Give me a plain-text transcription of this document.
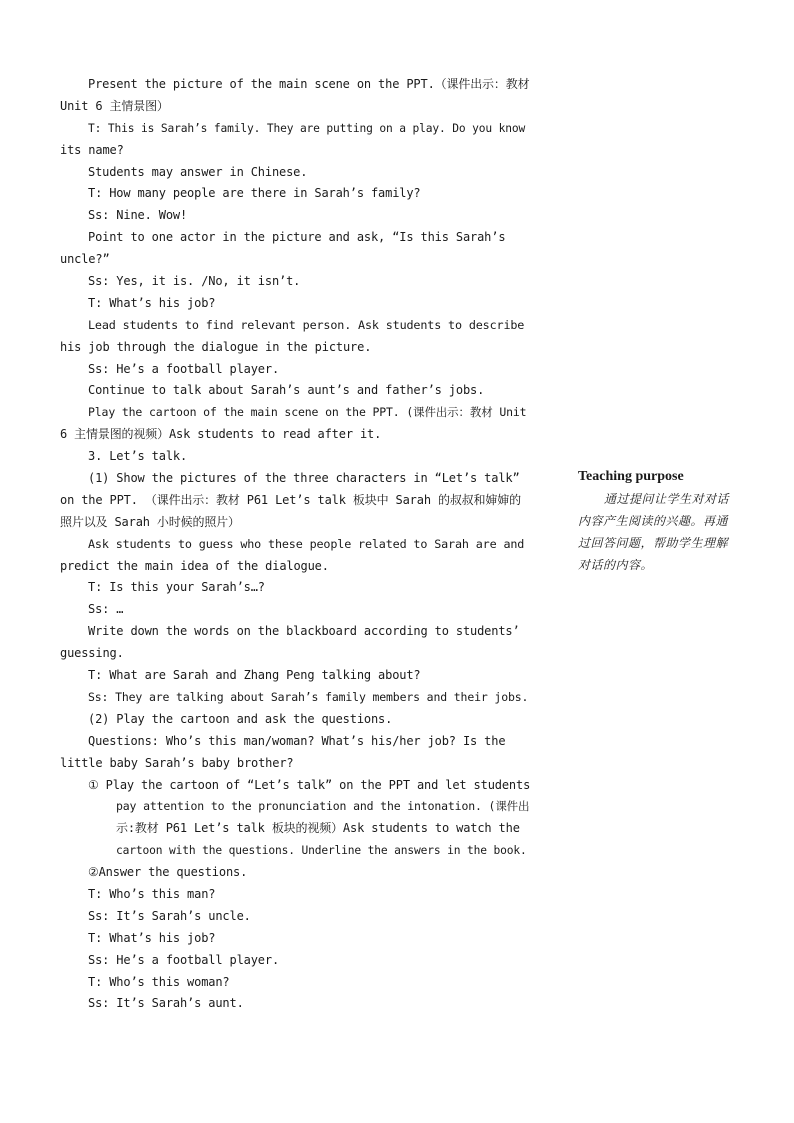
Present the picture of the main scene on the PPT.（课件出示：教材
Unit 6 主情景图）
T: This is Sarah’s family. They are putting on a play. Do you know
its name?
Students may answer in Chinese.
T: How many people are there in Sarah’s family?
Ss: Nine. Wow!
Point to one actor in the picture and ask, “Is this Sarah’s
uncle?”
Ss: Yes, it is. /No, it isn’t.
T: What’s his job?
Lead students to find relevant person. Ask students to describe
his job through the dialogue in the picture.
Ss: He’s a football player.
Continue to talk about Sarah’s aunt’s and father’s jobs.
Play the cartoon of the main scene on the PPT. (课件出示：教材 Unit
6 主情景图的视频）Ask students to read after it.
3. Let’s talk.
(1) Show the pictures of the three characters in “Let’s talk”
on the PPT. （课件出示：教材 P61 Let’s talk 板块中 Sarah 的叔叔和婶婶的
照片以及 Sarah 小时候的照片）
Ask students to guess who these people related to Sarah are and
predict the main idea of the dialogue.
T: Is this your Sarah’s…?
Ss: …
Write down the words on the blackboard according to students’
guessing.
T: What are Sarah and Zhang Peng talking about?
Ss: They are talking about Sarah’s family members and their jobs.
(2) Play the cartoon and ask the questions.
Questions: Who’s this man/woman? What’s his/her job? Is the
little baby Sarah’s baby brother?
① Play the cartoon of “Let’s talk” on the PPT and let students
pay attention to the pronunciation and the intonation. (课件出
示:教材 P61 Let’s talk 板块的视频）Ask students to watch the
cartoon with the questions. Underline the answers in the book.
②Answer the questions.
T: Who’s this man?
Ss: It’s Sarah’s uncle.
T: What’s his job?
Ss: He’s a football player.
T: Who’s this woman?
Ss: It’s Sarah’s aunt.
Teaching purpose
通过提问让学生对对话
内容产生阅读的兴趣。再通
过回答问题，帮助学生理解
对话的内容。
